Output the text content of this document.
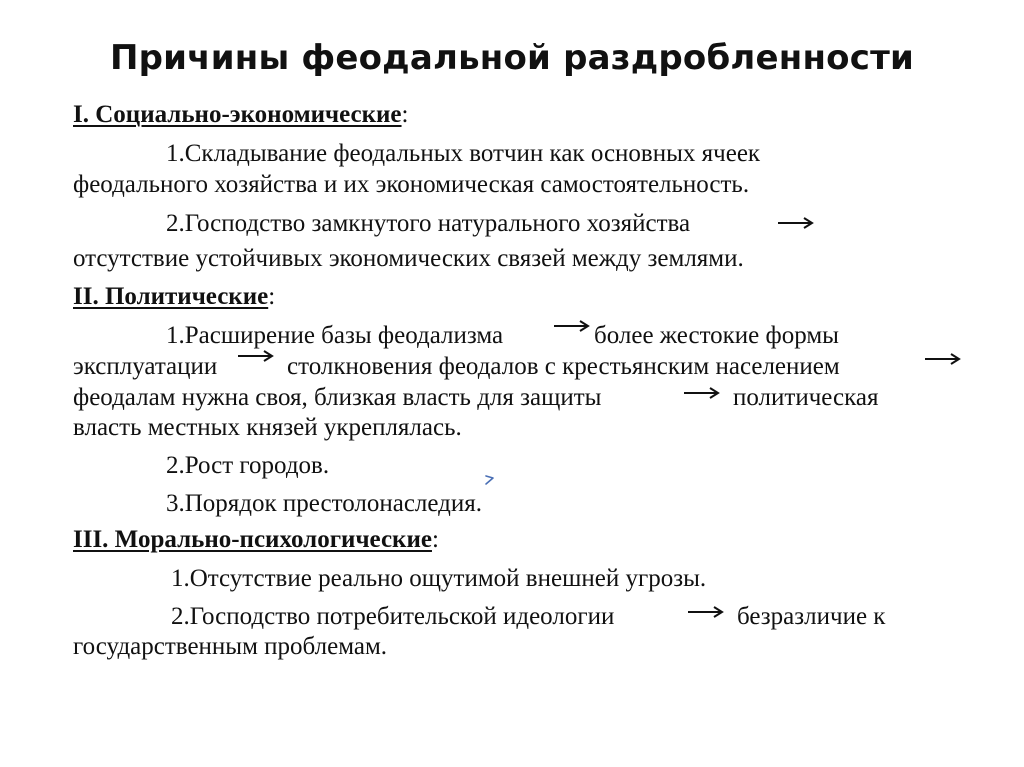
Причины феодальной раздробленности
I. Социально-экономические:
1.Складывание феодальных вотчин как основных ячеек
феодального хозяйства и их экономическая самостоятельность.
2.Господство замкнутого натурального хозяйства
отсутствие устойчивых экономических связей между землями.
II. Политические:
1.Расширение базы феодализма	более жестокие формы
эксплуатации	столкновения феодалов с крестьянским населением
феодалам нужна своя, близкая власть для защиты	политическая
власть местных князей укреплялась.
2.Рост городов.
3.Порядок престолонаследия.
III. Морально-психологические:
1.Отсутствие реально ощутимой внешней угрозы.
2.Господство потребительской идеологии	безразличие к
государственным проблемам.
